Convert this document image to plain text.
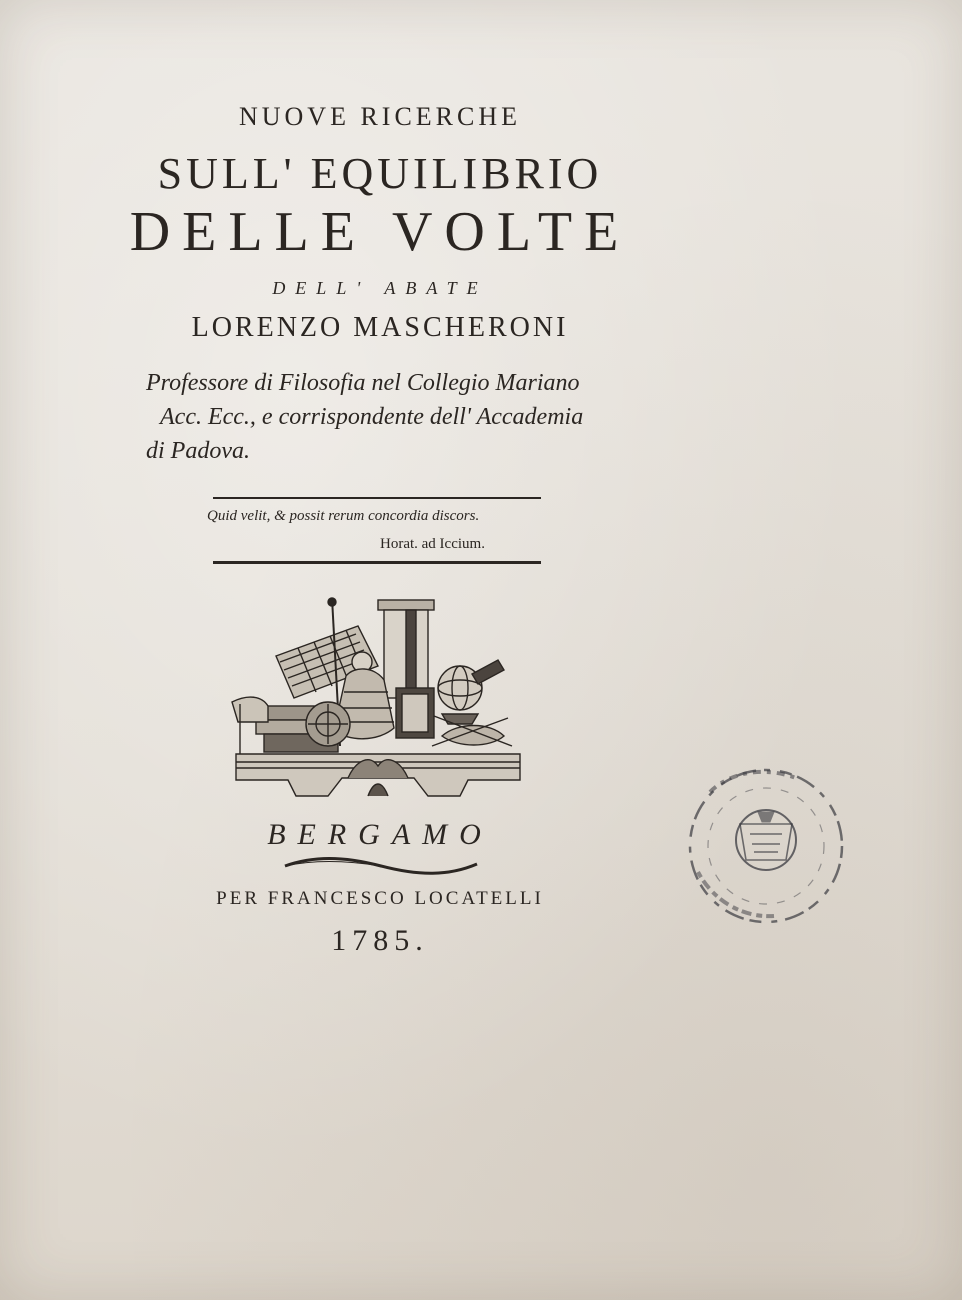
NUOVE RICERCHE
SULL' EQUILIBRIO
DELLE VOLTE
DELL' ABATE
LORENZO MASCHERONI
Professore di Filosofia nel Collegio Mariano
Acc. Ecc., e corrispondente dell' Accademia
di Padova.
Quid velit, & possit rerum concordia discors.
Horat. ad Iccium.
BERGAMO
PER FRANCESCO LOCATELLI
1785.
